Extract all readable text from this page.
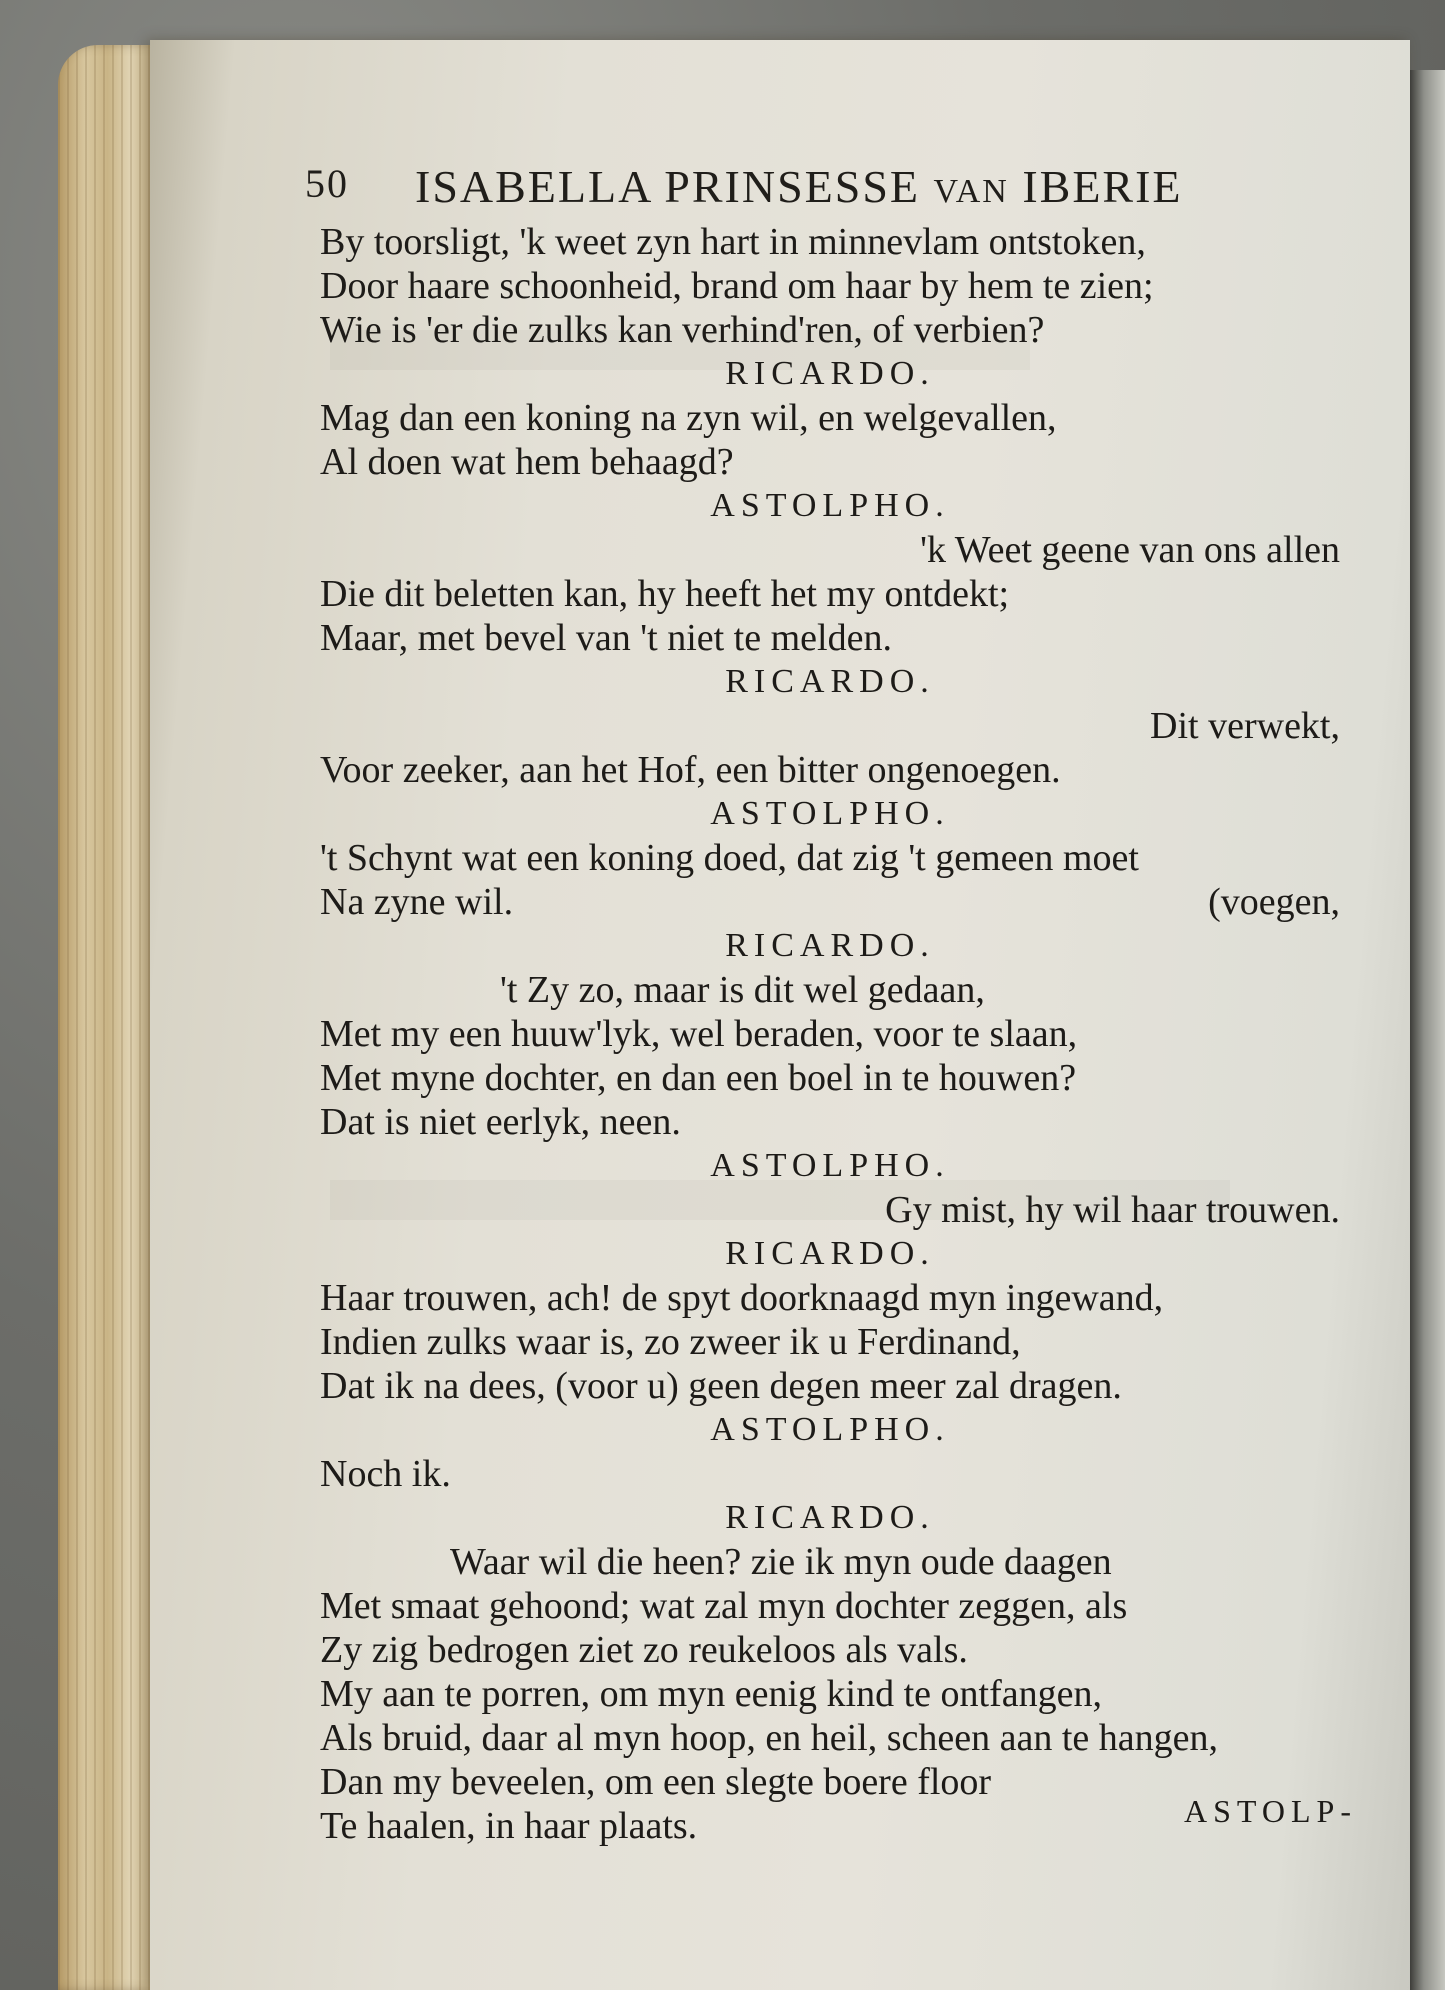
50 ISABELLA PRINSESSE VAN IBERIE
By toorsligt, 'k weet zyn hart in minnevlam ontstoken,
Door haare schoonheid, brand om haar by hem te zien;
Wie is 'er die zulks kan verhind'ren, of verbien?
RICARDO.
Mag dan een koning na zyn wil, en welgevallen,
Al doen wat hem behaagd?
ASTOLPHO.
'k Weet geene van ons allen
Die dit beletten kan, hy heeft het my ontdekt;
Maar, met bevel van 't niet te melden.
RICARDO.
Dit verwekt,
Voor zeeker, aan het Hof, een bitter ongenoegen.
ASTOLPHO.
't Schynt wat een koning doed, dat zig 't gemeen moet
Na zyne wil.	(voegen,
RICARDO.
't Zy zo, maar is dit wel gedaan,
Met my een huuw'lyk, wel beraden, voor te slaan,
Met myne dochter, en dan een boel in te houwen?
Dat is niet eerlyk, neen.
ASTOLPHO.
Gy mist, hy wil haar trouwen.
RICARDO.
Haar trouwen, ach! de spyt doorknaagd myn ingewand,
Indien zulks waar is, zo zweer ik u Ferdinand,
Dat ik na dees, (voor u) geen degen meer zal dragen.
ASTOLPHO.
Noch ik.
RICARDO.
Waar wil die heen? zie ik myn oude daagen
Met smaat gehoond; wat zal myn dochter zeggen, als
Zy zig bedrogen ziet zo reukeloos als vals.
My aan te porren, om myn eenig kind te ontfangen,
Als bruid, daar al myn hoop, en heil, scheen aan te hangen,
Dan my beveelen, om een slegte boere floor
Te haalen, in haar plaats.	ASTOLP-
